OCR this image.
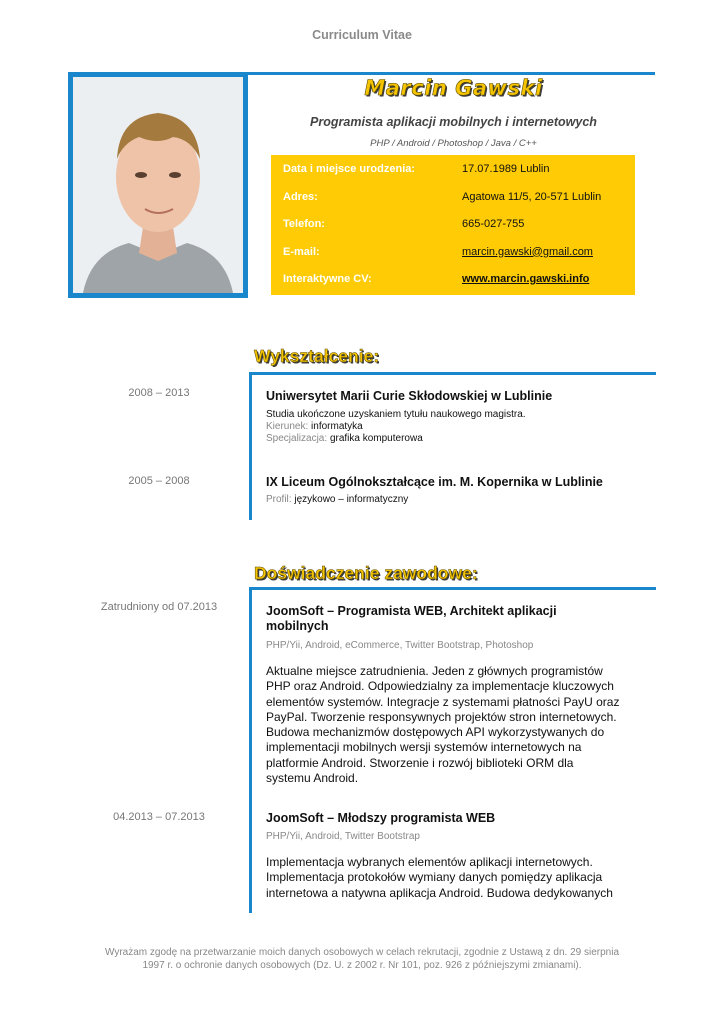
Curriculum Vitae
Marcin Gawski
Programista aplikacji mobilnych i internetowych
PHP / Android / Photoshop / Java / C++
Data i miejsce urodzenia:	17.07.1989 Lublin
Adres:	Agatowa 11/5, 20-571 Lublin
Telefon:	665-027-755
E-mail:	marcin.gawski@gmail.com
Interaktywne CV:	www.marcin.gawski.info
Wykształcenie:
2008 – 2013	Uniwersytet Marii Curie Skłodowskiej w Lublinie
Studia ukończone uzyskaniem tytułu naukowego magistra.
Kierunek: informatyka
Specjalizacja: grafika komputerowa
2005 – 2008	IX Liceum Ogólnokształcące im. M. Kopernika w Lublinie
Profil: językowo – informatyczny
Doświadczenie zawodowe:
Zatrudniony od 07.2013	JoomSoft – Programista WEB, Architekt aplikacji
mobilnych
PHP/Yii, Android, eCommerce, Twitter Bootstrap, Photoshop
Aktualne miejsce zatrudnienia. Jeden z głównych programistów
PHP oraz Android. Odpowiedzialny za implementacje kluczowych
elementów systemów. Integracje z systemami płatności PayU oraz
PayPal. Tworzenie responsywnych projektów stron internetowych.
Budowa mechanizmów dostępowych API wykorzystywanych do
implementacji mobilnych wersji systemów internetowych na
platformie Android. Stworzenie i rozwój biblioteki ORM dla
systemu Android.
04.2013 – 07.2013	JoomSoft – Młodszy programista WEB
PHP/Yii, Android, Twitter Bootstrap
Implementacja wybranych elementów aplikacji internetowych.
Implementacja protokołów wymiany danych pomiędzy aplikacja
internetowa a natywna aplikacja Android. Budowa dedykowanych
Wyrażam zgodę na przetwarzanie moich danych osobowych w celach rekrutacji, zgodnie z Ustawą z dn. 29 sierpnia
1997 r. o ochronie danych osobowych (Dz. U. z 2002 r. Nr 101, poz. 926 z późniejszymi zmianami).
